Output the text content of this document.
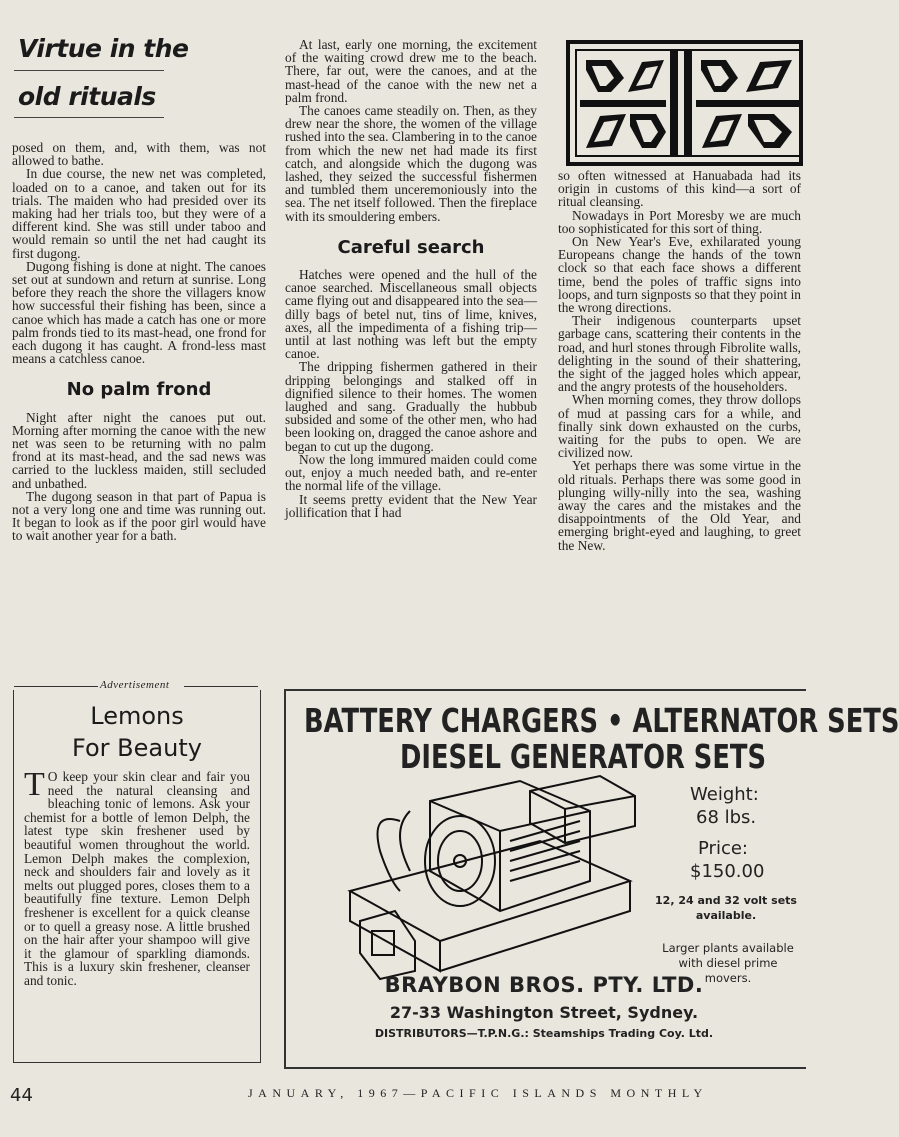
Virtue in the
old rituals

posed on them, and, with them, was not allowed to bathe.

In due course, the new net was completed, loaded on to a canoe, and taken out for its trials. The maiden who had presided over its making had her trials too, but they were of a different kind. She was still under taboo and would remain so until the net had caught its first dugong.

Dugong fishing is done at night. The canoes set out at sundown and return at sunrise. Long before they reach the shore the villagers know how successful their fishing has been, since a canoe which has made a catch has one or more palm fronds tied to its mast-head, one frond for each dugong it has caught. A frond-less mast means a catchless canoe.

No palm frond

Night after night the canoes put out. Morning after morning the canoe with the new net was seen to be returning with no palm frond at its mast-head, and the sad news was carried to the luckless maiden, still secluded and unbathed.

The dugong season in that part of Papua is not a very long one and time was running out. It began to look as if the poor girl would have to wait another year for a bath.

At last, early one morning, the excitement of the waiting crowd drew me to the beach. There, far out, were the canoes, and at the mast-head of the canoe with the new net a palm frond.

The canoes came steadily on. Then, as they drew near the shore, the women of the village rushed into the sea. Clambering in to the canoe from which the new net had made its first catch, and alongside which the dugong was lashed, they seized the successful fishermen and tumbled them unceremoniously into the sea. The net itself followed. Then the fireplace with its smouldering embers.

Careful search

Hatches were opened and the hull of the canoe searched. Miscellaneous small objects came flying out and disappeared into the sea—dilly bags of betel nut, tins of lime, knives, axes, all the impedimenta of a fishing trip—until at last nothing was left but the empty canoe.

The dripping fishermen gathered in their dripping belongings and stalked off in dignified silence to their homes. The women laughed and sang. Gradually the hubbub subsided and some of the other men, who had been looking on, dragged the canoe ashore and began to cut up the dugong.

Now the long immured maiden could come out, enjoy a much needed bath, and re-enter the normal life of the village.

It seems pretty evident that the New Year jollification that I had

so often witnessed at Hanuabada had its origin in customs of this kind—a sort of ritual cleansing.

Nowadays in Port Moresby we are much too sophisticated for this sort of thing.

On New Year's Eve, exhilarated young Europeans change the hands of the town clock so that each face shows a different time, bend the poles of traffic signs into loops, and turn signposts so that they point in the wrong directions.

Their indigenous counterparts upset garbage cans, scattering their contents in the road, and hurl stones through Fibrolite walls, delighting in the sound of their shattering, the sight of the jagged holes which appear, and the angry protests of the householders.

When morning comes, they throw dollops of mud at passing cars for a while, and finally sink down exhausted on the curbs, waiting for the pubs to open. We are civilized now.

Yet perhaps there was some virtue in the old rituals. Perhaps there was some good in plunging willy-nilly into the sea, washing away the cares and the mistakes and the disappointments of the Old Year, and emerging bright-eyed and laughing, to greet the New.

Advertisement
Lemons
For Beauty
T O keep your skin clear and fair you need the natural cleansing and bleaching tonic of lemons. Ask your chemist for a bottle of lemon Delph, the latest type skin freshener used by beautiful women throughout the world. Lemon Delph makes the complexion, neck and shoulders fair and lovely as it melts out plugged pores, closes them to a beautifully fine texture. Lemon Delph freshener is excellent for a quick cleanse or to quell a greasy nose. A little brushed on the hair after your shampoo will give it the glamour of sparkling diamonds. This is a luxury skin freshener, cleanser and tonic.
BATTERY CHARGERS • ALTERNATOR SETS
DIESEL GENERATOR SETS
Weight:
68 lbs.
Price:
$150.00
12, 24 and 32 volt sets available.
Larger plants available with diesel prime movers.
BRAYBON BROS. PTY. LTD.
27-33 Washington Street, Sydney.
DISTRIBUTORS—T.P.N.G.: Steamships Trading Coy. Ltd.
44	JANUARY, 1967—PACIFIC ISLANDS MONTHLY
